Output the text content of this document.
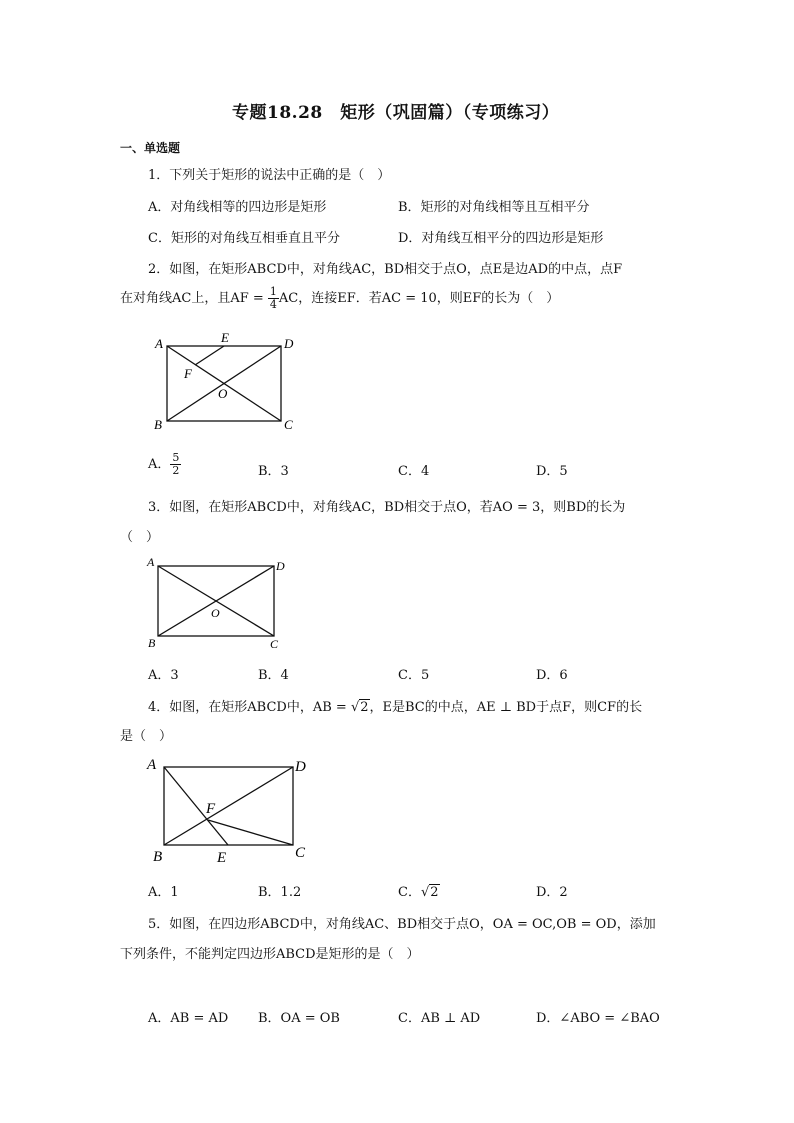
专题18.28　矩形（巩固篇）（专项练习）
一、单选题
1．下列关于矩形的说法中正确的是（　）
A．对角线相等的四边形是矩形	B．矩形的对角线相等且互相平分
C．矩形的对角线互相垂直且平分	D．对角线互相平分的四边形是矩形
2．如图，在矩形ABCD中，对角线AC，BD相交于点O，点E是边AD的中点，点F
在对角线AC上，且AF = $\frac{1}{4}$ AC，连接EF．若AC = 10，则EF的长为（　）
A	D
B	C
E
F
O
A． $\frac{5}{2}$	B．3	C．4	D．5
3．如图，在矩形ABCD中，对角线AC，BD相交于点O，若AO = 3，则BD的长为
（　）
A	D
B	C
O
A．3	B．4	C．5	D．6
4．如图，在矩形ABCD中，AB = √2，E是BC的中点，AE ⊥ BD于点F，则CF的长
是（　）
A	D
B	C
E
F
A．1	B．1.2	C．√2	D．2
5．如图，在四边形ABCD中，对角线AC、BD相交于点O，OA = OC,OB = OD，添加
下列条件，不能判定四边形ABCD是矩形的是（　）
A．AB = AD B．OA = OB	C．AB ⊥ AD	D．∠ABO = ∠BAO
